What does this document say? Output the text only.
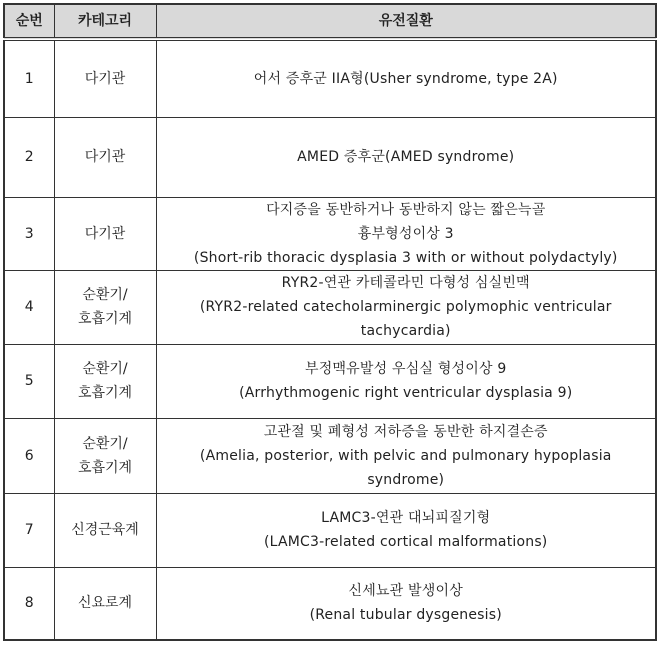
순번	카테고리	유전질환
1	다기관	어서 증후군 IIA형(Usher syndrome, type 2A)

2	다기관	AMED 증후군(AMED syndrome)

3	다기관	다지증을 동반하거나 동반하지 않는 짧은늑골
흉부형성이상 3
(Short-rib thoracic dysplasia 3 with or without polydactyly)

4	순환기/
호흡기계	RYR2-연관 카테콜라민 다형성 심실빈맥
(RYR2-related catecholarminergic polymophic ventricular
tachycardia)

5	순환기/
호흡기계	부정맥유발성 우심실 형성이상 9
(Arrhythmogenic right ventricular dysplasia 9)

6	순환기/
호흡기계	고관절 및 폐형성 저하증을 동반한 하지결손증
(Amelia, posterior, with pelvic and pulmonary hypoplasia
syndrome)

7	신경근육계	LAMC3-연관 대뇌피질기형
(LAMC3-related cortical malformations)

8	신요로계	신세뇨관 발생이상
(Renal tubular dysgenesis)
